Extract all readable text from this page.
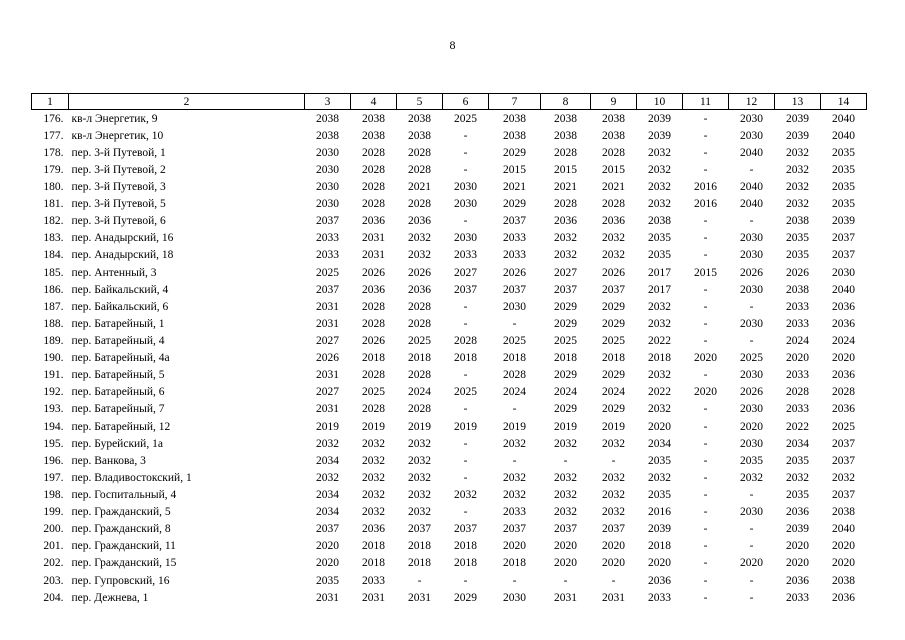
8
1	2	3	4	5	6	7	8	9	10	11	12	13	14
176.	кв-л Энергетик, 9	2038	2038	2038	2025	2038	2038	2038	2039	-	2030	2039	2040
177.	кв-л Энергетик, 10	2038	2038	2038	-	2038	2038	2038	2039	-	2030	2039	2040
178.	пер. 3-й Путевой, 1	2030	2028	2028	-	2029	2028	2028	2032	-	2040	2032	2035
179.	пер. 3-й Путевой, 2	2030	2028	2028	-	2015	2015	2015	2032	-	-	2032	2035
180.	пер. 3-й Путевой, 3	2030	2028	2021	2030	2021	2021	2021	2032	2016	2040	2032	2035
181.	пер. 3-й Путевой, 5	2030	2028	2028	2030	2029	2028	2028	2032	2016	2040	2032	2035
182.	пер. 3-й Путевой, 6	2037	2036	2036	-	2037	2036	2036	2038	-	-	2038	2039
183.	пер. Анадырский, 16	2033	2031	2032	2030	2033	2032	2032	2035	-	2030	2035	2037
184.	пер. Анадырский, 18	2033	2031	2032	2033	2033	2032	2032	2035	-	2030	2035	2037
185.	пер. Антенный, 3	2025	2026	2026	2027	2026	2027	2026	2017	2015	2026	2026	2030
186.	пер. Байкальский, 4	2037	2036	2036	2037	2037	2037	2037	2017	-	2030	2038	2040
187.	пер. Байкальский, 6	2031	2028	2028	-	2030	2029	2029	2032	-	-	2033	2036
188.	пер. Батарейный, 1	2031	2028	2028	-	-	2029	2029	2032	-	2030	2033	2036
189.	пер. Батарейный, 4	2027	2026	2025	2028	2025	2025	2025	2022	-	-	2024	2024
190.	пер. Батарейный, 4а	2026	2018	2018	2018	2018	2018	2018	2018	2020	2025	2020	2020
191.	пер. Батарейный, 5	2031	2028	2028	-	2028	2029	2029	2032	-	2030	2033	2036
192.	пер. Батарейный, 6	2027	2025	2024	2025	2024	2024	2024	2022	2020	2026	2028	2028
193.	пер. Батарейный, 7	2031	2028	2028	-	-	2029	2029	2032	-	2030	2033	2036
194.	пер. Батарейный, 12	2019	2019	2019	2019	2019	2019	2019	2020	-	2020	2022	2025
195.	пер. Бурейский, 1а	2032	2032	2032	-	2032	2032	2032	2034	-	2030	2034	2037
196.	пер. Ванкова, 3	2034	2032	2032	-	-	-	-	2035	-	2035	2035	2037
197.	пер. Владивостокский, 1	2032	2032	2032	-	2032	2032	2032	2032	-	2032	2032	2032
198.	пер. Госпитальный, 4	2034	2032	2032	2032	2032	2032	2032	2035	-	-	2035	2037
199.	пер. Гражданский, 5	2034	2032	2032	-	2033	2032	2032	2016	-	2030	2036	2038
200.	пер. Гражданский, 8	2037	2036	2037	2037	2037	2037	2037	2039	-	-	2039	2040
201.	пер. Гражданский, 11	2020	2018	2018	2018	2020	2020	2020	2018	-	-	2020	2020
202.	пер. Гражданский, 15	2020	2018	2018	2018	2018	2020	2020	2020	-	2020	2020	2020
203.	пер. Гупровский, 16	2035	2033	-	-	-	-	-	2036	-	-	2036	2038
204.	пер. Дежнева, 1	2031	2031	2031	2029	2030	2031	2031	2033	-	-	2033	2036
